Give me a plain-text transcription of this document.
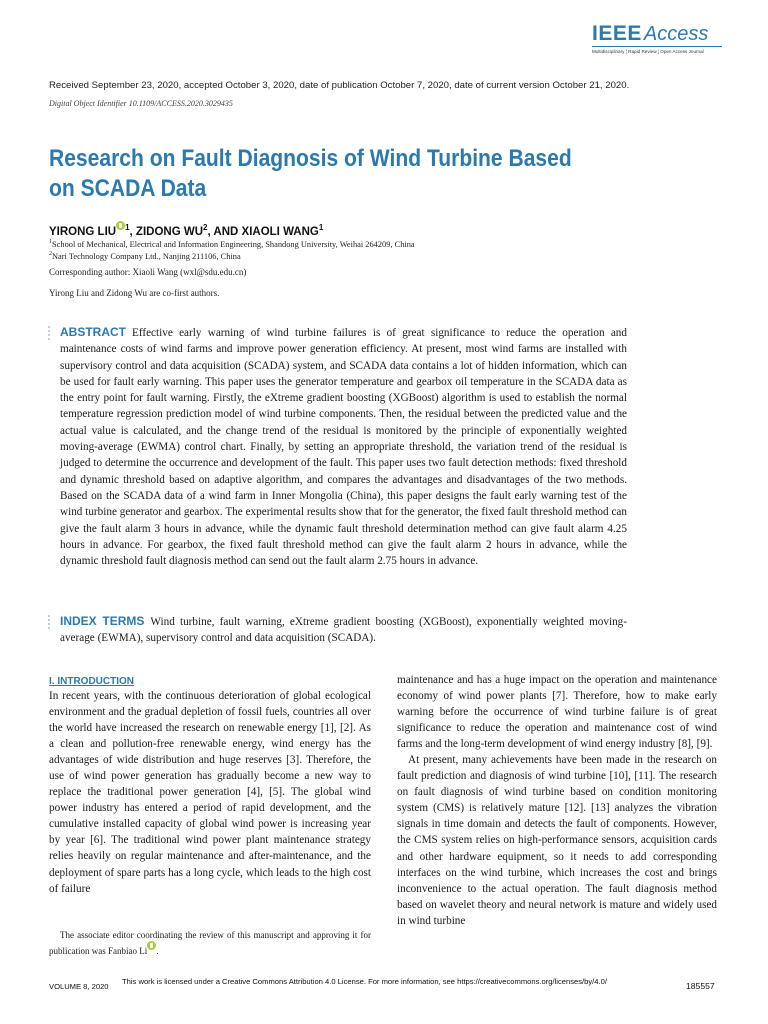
IEEE Access
Multidisciplinary ¦ Rapid Review ¦ Open Access Journal
Received September 23, 2020, accepted October 3, 2020, date of publication October 7, 2020, date of current version October 21, 2020.
Digital Object Identifier 10.1109/ACCESS.2020.3029435
Research on Fault Diagnosis of Wind Turbine Based on SCADA Data
YIRONG LIU $^1$, ZIDONG $WU^2$, AND XIAOLI WANG$^1$
$^1$School of Mechanical, Electrical and Information Engineering, Shandong University, Weihai 264209, China
$^2$Nari Technology Company Ltd., Nanjing 211106, China
Corresponding author: Xiaoli Wang (wxl@sdu.edu.cn)
Yirong Liu and Zidong Wu are co-first authors.
ABSTRACT Effective early warning of wind turbine failures is of great significance to reduce the operation and maintenance costs of wind farms and improve power generation efficiency. At present, most wind farms are installed with supervisory control and data acquisition (SCADA) system, and SCADA data contains a lot of hidden information, which can be used for fault early warning. This paper uses the generator temperature and gearbox oil temperature in the SCADA data as the entry point for fault warning. Firstly, the eXtreme gradient boosting (XGBoost) algorithm is used to establish the normal temperature regression prediction model of wind turbine components. Then, the residual between the predicted value and the actual value is calculated, and the change trend of the residual is monitored by the principle of exponentially weighted moving-average (EWMA) control chart. Finally, by setting an appropriate threshold, the variation trend of the residual is judged to determine the occurrence and development of the fault. This paper uses two fault detection methods: fixed threshold and dynamic threshold based on adaptive algorithm, and compares the advantages and disadvantages of the two methods. Based on the SCADA data of a wind farm in Inner Mongolia (China), this paper designs the fault early warning test of the wind turbine generator and gearbox. The experimental results show that for the generator, the fixed fault threshold method can give the fault alarm 3 hours in advance, while the dynamic fault threshold determination method can give fault alarm 4.25 hours in advance. For gearbox, the fixed fault threshold method can give the fault alarm 2 hours in advance, while the dynamic threshold fault diagnosis method can send out the fault alarm 2.75 hours in advance.
INDEX TERMS Wind turbine, fault warning, eXtreme gradient boosting (XGBoost), exponentially weighted moving-average (EWMA), supervisory control and data acquisition (SCADA).
I. INTRODUCTION

In recent years, with the continuous deterioration of global ecological environment and the gradual depletion of fossil fuels, countries all over the world have increased the research on renewable energy [1], [2]. As a clean and pollution-free renewable energy, wind energy has the advantages of wide distribution and huge reserves [3]. Therefore, the use of wind power generation has gradually become a new way to replace the traditional power generation [4], [5]. The global wind power industry has entered a period of rapid development, and the cumulative installed capacity of global wind power is increasing year by year [6]. The traditional wind power plant maintenance strategy relies heavily on regular maintenance and after-maintenance, and the deployment of spare parts has a long cycle, which leads to the high cost of failure

maintenance and has a huge impact on the operation and maintenance economy of wind power plants [7]. Therefore, how to make early warning before the occurrence of wind turbine failure is of great significance to reduce the operation and maintenance cost of wind farms and the long-term development of wind energy industry [8], [9].

At present, many achievements have been made in the research on fault prediction and diagnosis of wind turbine [10], [11]. The research on fault diagnosis of wind turbine based on condition monitoring system (CMS) is relatively mature [12]. [13] analyzes the vibration signals in time domain and detects the fault of components. However, the CMS system relies on high-performance sensors, acquisition cards and other hardware equipment, so it needs to add corresponding interfaces on the wind turbine, which increases the cost and brings inconvenience to the actual operation. The fault diagnosis method based on wavelet theory and neural network is mature and widely used in wind turbine

The associate editor coordinating the review of this manuscript and approving it for publication was Fanbiao Li .
This work is licensed under a Creative Commons Attribution 4.0 License. For more information, see https://creativecommons.org/licenses/by/4.0/
VOLUME 8, 2020	185557
